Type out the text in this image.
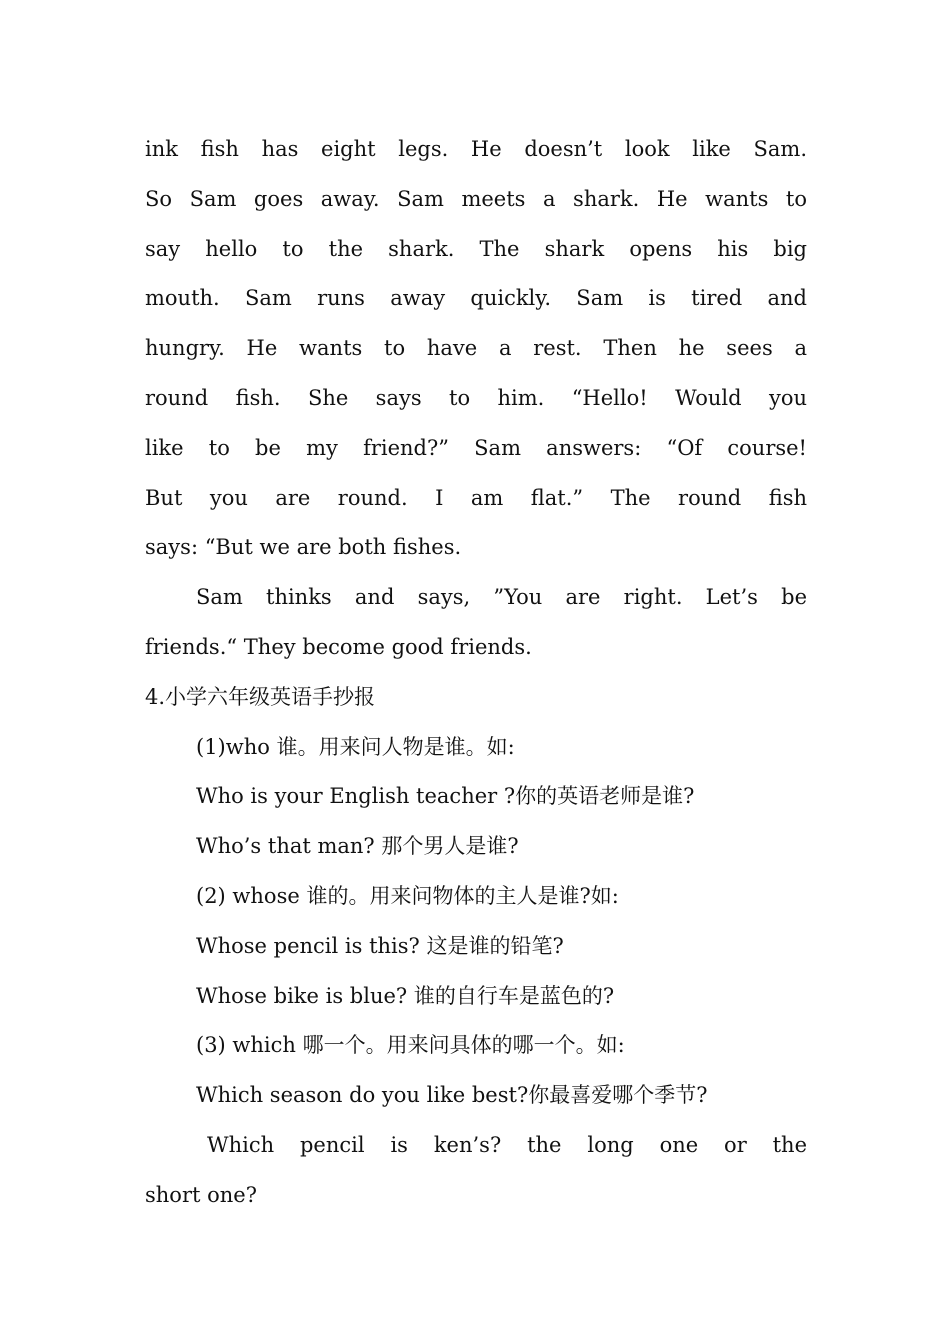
ink fish has eight legs. He doesn’t look like Sam.
So Sam goes away. Sam meets a shark. He wants to
say hello to the shark. The shark opens his big
mouth. Sam runs away quickly. Sam is tired and
hungry. He wants to have a rest. Then he sees a
round fish. She says to him. “Hello! Would you
like to be my friend?” Sam answers: “Of course!
But you are round. I am flat.” The round fish
says: “But we are both fishes.
Sam thinks and says, ”You are right. Let’s be
friends.“ They become good friends.
4.小学六年级英语手抄报
(1)who 谁。用来问人物是谁。如:
Who is your English teacher ?你的英语老师是谁?
Who’s that man? 那个男人是谁?
(2) whose 谁的。用来问物体的主人是谁?如:
Whose pencil is this? 这是谁的铅笔?
Whose bike is blue? 谁的自行车是蓝色的?
(3) which 哪一个。用来问具体的哪一个。如:
Which season do you like best?你最喜爱哪个季节?
Which pencil is ken’s? the long one or the
short one?
